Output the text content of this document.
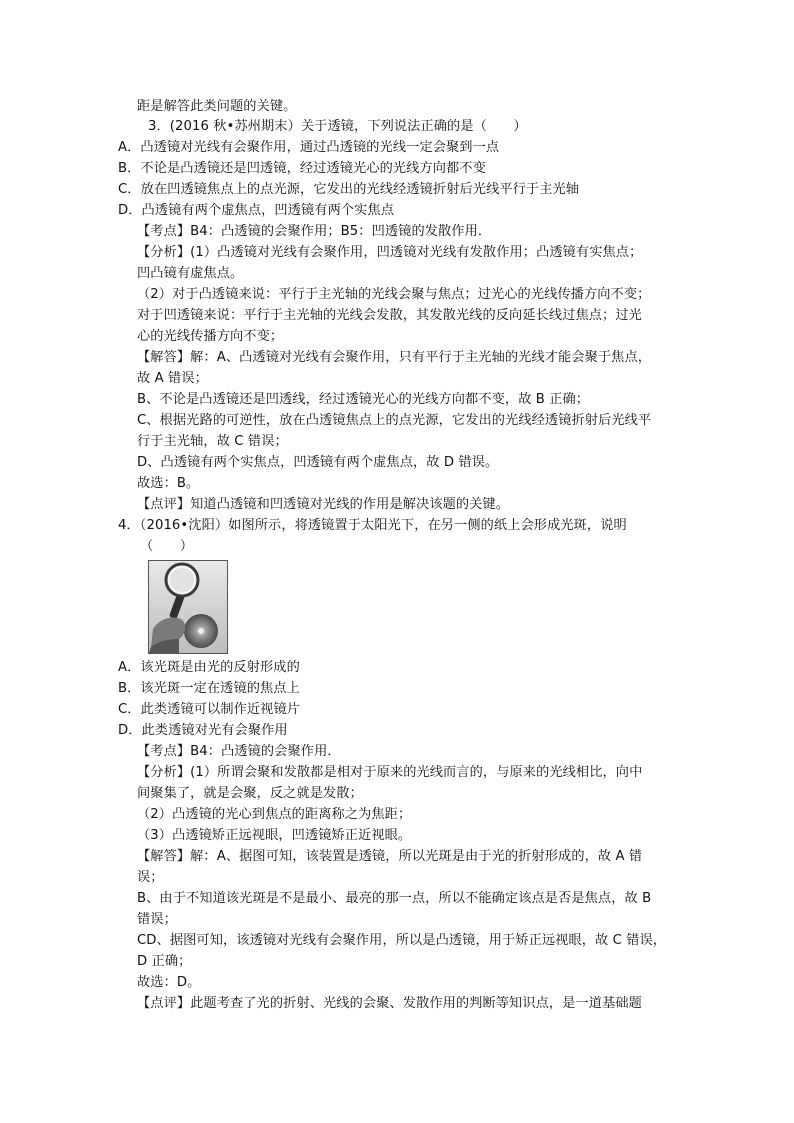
距是解答此类问题的关键。
3．(2016 秋•苏州期末）关于透镜，下列说法正确的是（　　）
A．凸透镜对光线有会聚作用，通过凸透镜的光线一定会聚到一点
B．不论是凸透镜还是凹透镜，经过透镜光心的光线方向都不变
C．放在凹透镜焦点上的点光源，它发出的光线经透镜折射后光线平行于主光轴
D．凸透镜有两个虚焦点，凹透镜有两个实焦点
【考点】B4：凸透镜的会聚作用；B5：凹透镜的发散作用．
【分析】(1）凸透镜对光线有会聚作用，凹透镜对光线有发散作用；凸透镜有实焦点；
凹凸镜有虚焦点。
（2）对于凸透镜来说：平行于主光轴的光线会聚与焦点；过光心的光线传播方向不变；
对于凹透镜来说：平行于主光轴的光线会发散，其发散光线的反向延长线过焦点；过光
心的光线传播方向不变；
【解答】解：A、凸透镜对光线有会聚作用，只有平行于主光轴的光线才能会聚于焦点，
故 A 错误；
B、不论是凸透镜还是凹透线，经过透镜光心的光线方向都不变，故 B 正确；
C、根据光路的可逆性，放在凸透镜焦点上的点光源，它发出的光线经透镜折射后光线平
行于主光轴，故 C 错误；
D、凸透镜有两个实焦点，凹透镜有两个虚焦点，故 D 错误。
故选：B。
【点评】知道凸透镜和凹透镜对光线的作用是解决该题的关键。
4．（2016•沈阳）如图所示，将透镜置于太阳光下，在另一侧的纸上会形成光斑，说明
（　　）
A．该光斑是由光的反射形成的
B．该光斑一定在透镜的焦点上
C．此类透镜可以制作近视镜片
D．此类透镜对光有会聚作用
【考点】B4：凸透镜的会聚作用．
【分析】(1）所谓会聚和发散都是相对于原来的光线而言的，与原来的光线相比，向中
间聚集了，就是会聚，反之就是发散；
（2）凸透镜的光心到焦点的距离称之为焦距；
（3）凸透镜矫正远视眼，凹透镜矫正近视眼。
【解答】解：A、据图可知，该装置是透镜，所以光斑是由于光的折射形成的，故 A 错
误；
B、由于不知道该光斑是不是最小、最亮的那一点，所以不能确定该点是否是焦点，故 B
错误；
CD、据图可知，该透镜对光线有会聚作用，所以是凸透镜，用于矫正远视眼，故 C 错误，
D 正确；
故选：D。
【点评】此题考查了光的折射、光线的会聚、发散作用的判断等知识点，是一道基础题
